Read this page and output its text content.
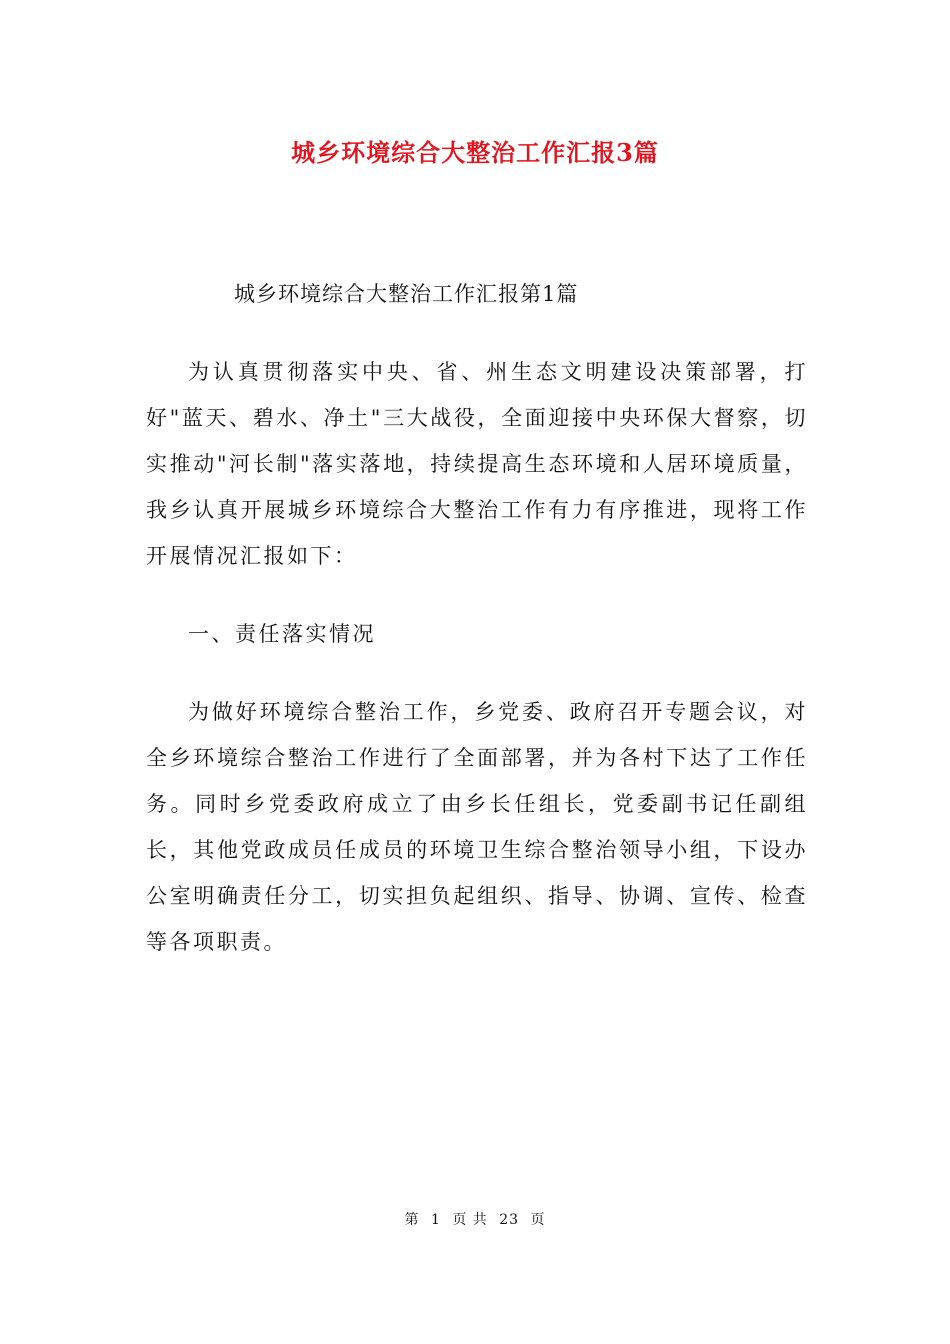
城乡环境综合大整治工作汇报3篇

城乡环境综合大整治工作汇报第1篇

为认真贯彻落实中央、省、州生态文明建设决策部署，打好"蓝天、碧水、净土"三大战役，全面迎接中央环保大督察，切实推动"河长制"落实落地，持续提高生态环境和人居环境质量，我乡认真开展城乡环境综合大整治工作有力有序推进，现将工作开展情况汇报如下：

一、责任落实情况

为做好环境综合整治工作，乡党委、政府召开专题会议，对全乡环境综合整治工作进行了全面部署，并为各村下达了工作任务。同时乡党委政府成立了由乡长任组长，党委副书记任副组长，其他党政成员任成员的环境卫生综合整治领导小组，下设办公室明确责任分工，切实担负起组织、指导、协调、宣传、检查等各项职责。

第 1 页 共 23 页
